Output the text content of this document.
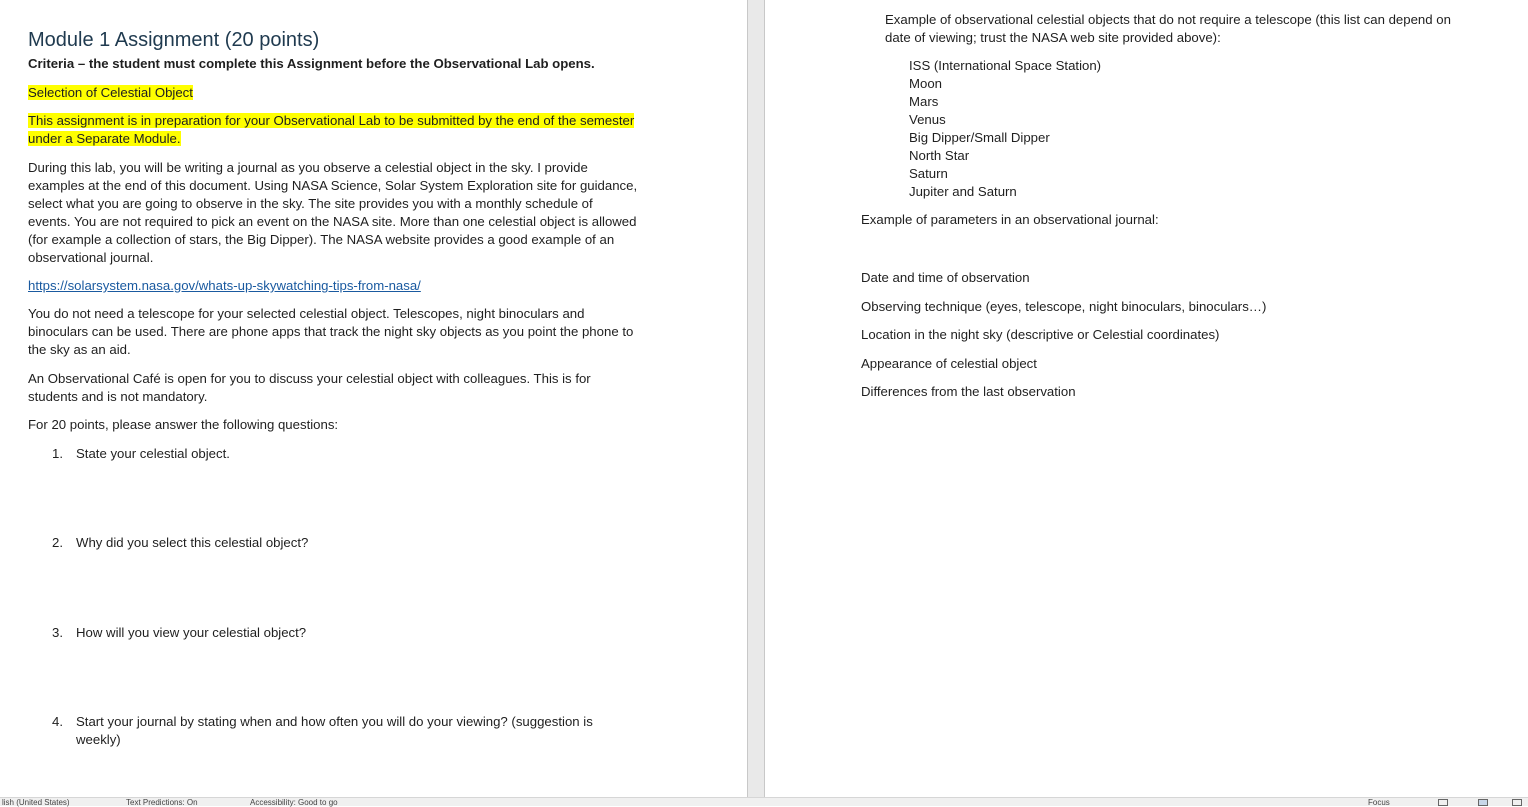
Module 1 Assignment (20 points)
Criteria – the student must complete this Assignment before the Observational Lab opens.
Selection of Celestial Object
This assignment is in preparation for your Observational Lab to be submitted by the end of the semester
under a Separate Module.
During this lab, you will be writing a journal as you observe a celestial object in the sky. I provide
examples at the end of this document. Using NASA Science, Solar System Exploration site for guidance,
select what you are going to observe in the sky. The site provides you with a monthly schedule of
events. You are not required to pick an event on the NASA site. More than one celestial object is allowed
(for example a collection of stars, the Big Dipper). The NASA website provides a good example of an
observational journal.
https://solarsystem.nasa.gov/whats-up-skywatching-tips-from-nasa/
You do not need a telescope for your selected celestial object. Telescopes, night binoculars and
binoculars can be used. There are phone apps that track the night sky objects as you point the phone to
the sky as an aid.
An Observational Café is open for you to discuss your celestial object with colleagues. This is for
students and is not mandatory.
For 20 points, please answer the following questions:
1. State your celestial object.
2. Why did you select this celestial object?
3. How will you view your celestial object?
4. Start your journal by stating when and how often you will do your viewing? (suggestion is
weekly)
Example of observational celestial objects that do not require a telescope (this list can depend on
date of viewing; trust the NASA web site provided above):
ISS (International Space Station)
Moon
Mars
Venus
Big Dipper/Small Dipper
North Star
Saturn
Jupiter and Saturn
Example of parameters in an observational journal:
Date and time of observation
Observing technique (eyes, telescope, night binoculars, binoculars…)
Location in the night sky (descriptive or Celestial coordinates)
Appearance of celestial object
Differences from the last observation
lish (United States)	Text Predictions: On	Accessibility: Good to go	Focus
